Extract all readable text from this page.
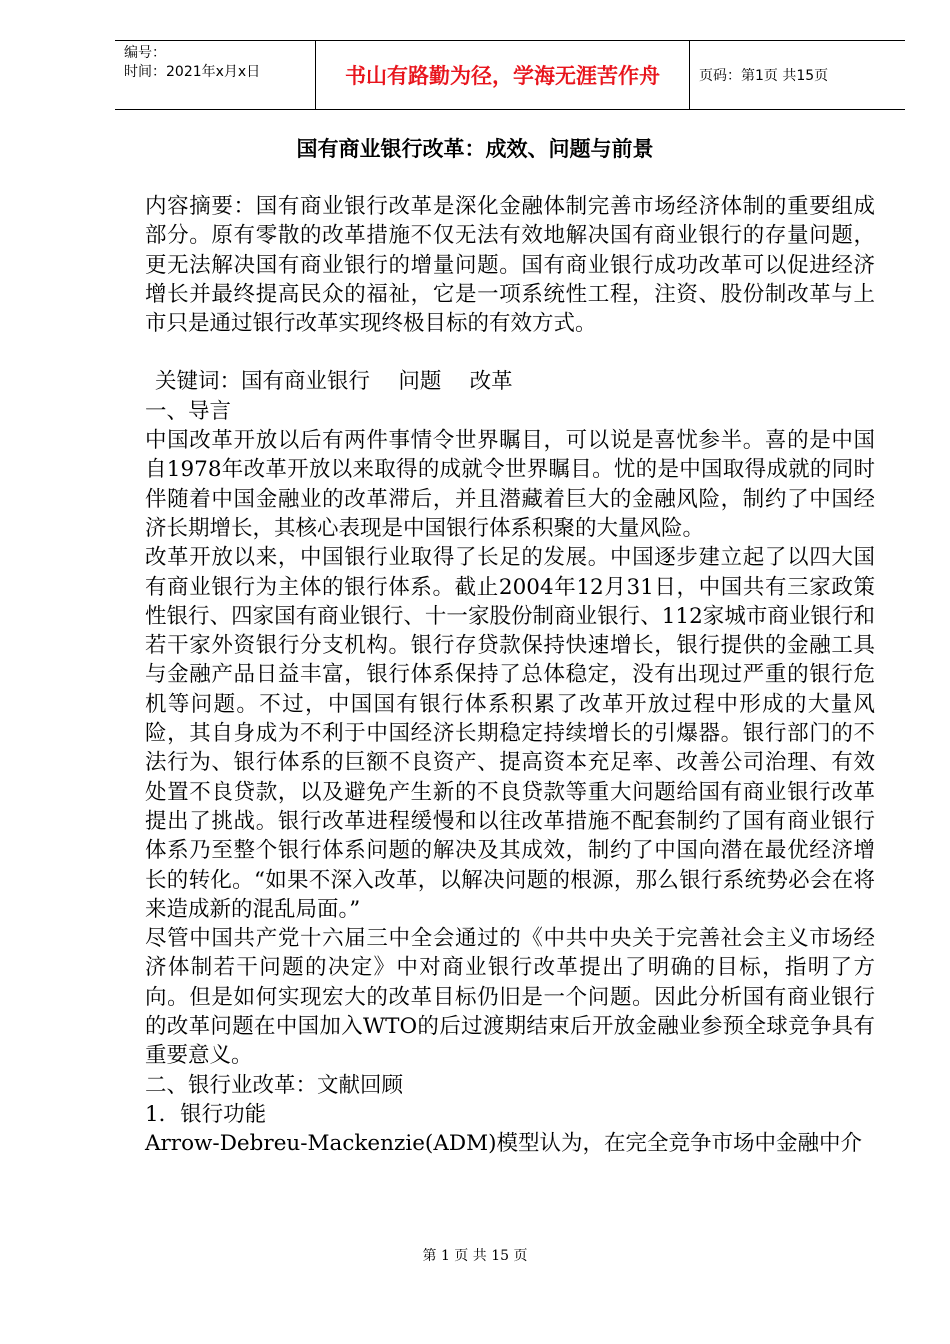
编号：
时间：2021年x月x日	书山有路勤为径，学海无涯苦作舟	页码：第1页 共15页
国有商业银行改革：成效、问题与前景

内容摘要：国有商业银行改革是深化金融体制完善市场经济体制的重要组成部分。原有零散的改革措施不仅无法有效地解决国有商业银行的存量问题，更无法解决国有商业银行的增量问题。国有商业银行成功改革可以促进经济增长并最终提高民众的福祉，它是一项系统性工程，注资、股份制改革与上市只是通过银行改革实现终极目标的有效方式。

关键词：国有商业银行　 问题　 改革

一、导言

中国改革开放以后有两件事情令世界瞩目，可以说是喜忧参半。喜的是中国自1978年改革开放以来取得的成就令世界瞩目。忧的是中国取得成就的同时伴随着中国金融业的改革滞后，并且潜藏着巨大的金融风险，制约了中国经济长期增长，其核心表现是中国银行体系积聚的大量风险。

改革开放以来，中国银行业取得了长足的发展。中国逐步建立起了以四大国有商业银行为主体的银行体系。截止2004年12月31日，中国共有三家政策性银行、四家国有商业银行、十一家股份制商业银行、112家城市商业银行和若干家外资银行分支机构。银行存贷款保持快速增长，银行提供的金融工具与金融产品日益丰富，银行体系保持了总体稳定，没有出现过严重的银行危机等问题。不过，中国国有银行体系积累了改革开放过程中形成的大量风险，其自身成为不利于中国经济长期稳定持续增长的引爆器。银行部门的不法行为、银行体系的巨额不良资产、提高资本充足率、改善公司治理、有效处置不良贷款，以及避免产生新的不良贷款等重大问题给国有商业银行改革提出了挑战。银行改革进程缓慢和以往改革措施不配套制约了国有商业银行体系乃至整个银行体系问题的解决及其成效，制约了中国向潜在最优经济增长的转化。“如果不深入改革，以解决问题的根源，那么银行系统势必会在将来造成新的混乱局面。”

尽管中国共产党十六届三中全会通过的《中共中央关于完善社会主义市场经济体制若干问题的决定》中对商业银行改革提出了明确的目标，指明了方向。但是如何实现宏大的改革目标仍旧是一个问题。因此分析国有商业银行的改革问题在中国加入WTO的后过渡期结束后开放金融业参预全球竞争具有重要意义。

二、银行业改革：文献回顾

1．银行功能

Arrow-Debreu-Mackenzie(ADM)模型认为，在完全竞争市场中金融中介

第 1 页 共 15 页
